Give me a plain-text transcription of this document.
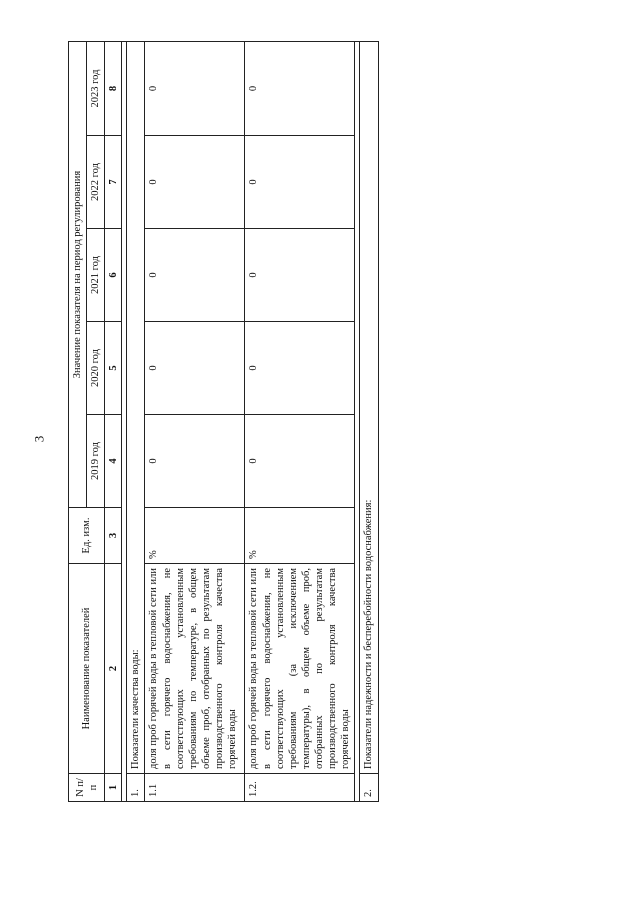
3
N п/п	Наименование показателей	Ед. изм.	Значение показателя на период регулирования				
			2019 год	2020 год	2021 год	2022 год	2023 год
1	2	3	4	5	6	7	8

1.	Показатели качества воды:						
1.1	доля проб горячей воды в тепловой сети или в сети горячего водоснабжения, не соответствующих установленным требованиям по температуре, в общем объеме проб, отобранных по результатам производственного контроля качества горячей воды	%	0	0	0	0	0
1.2.	доля проб горячей воды в тепловой сети или в сети горячего водоснабжения, не соответствующих установленным требованиям (за исключением температуры), в общем объеме проб, отобранных по результатам производственного контроля качества горячей воды	%	0	0	0	0	0

2.	Показатели надежности и бесперебойности водоснабжения:						
